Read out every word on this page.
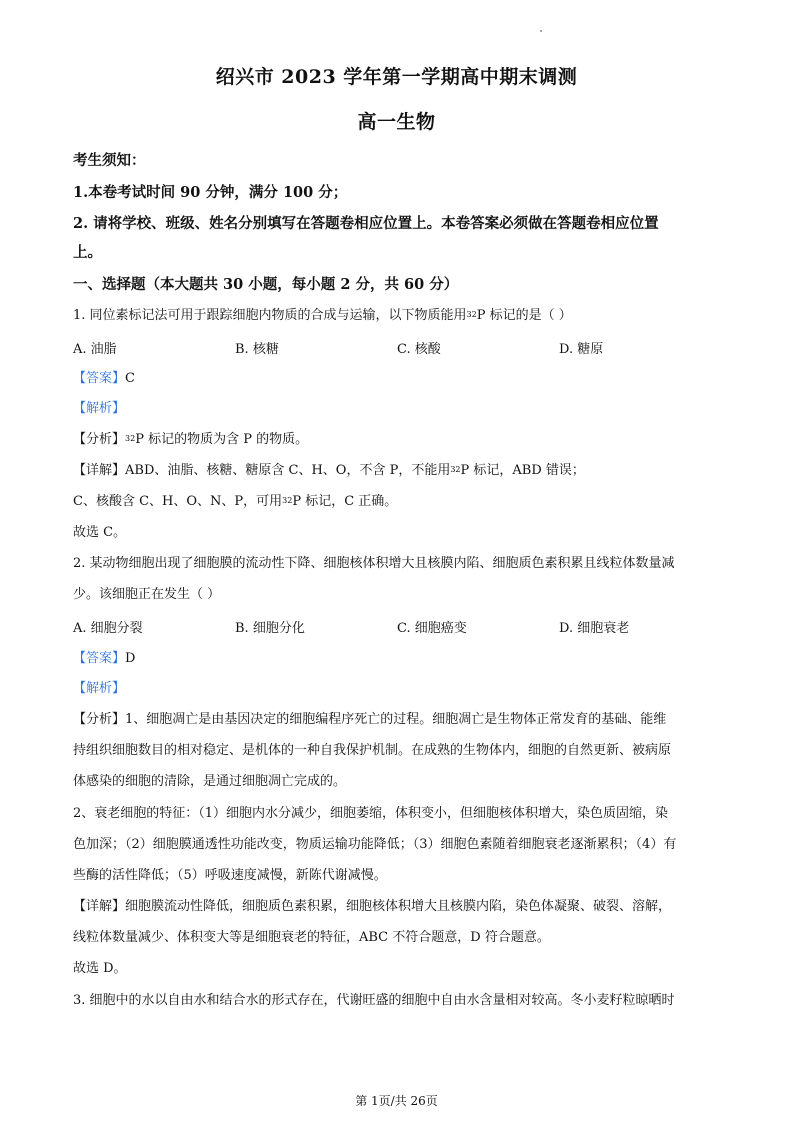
绍兴市 2023 学年第一学期高中期末调测
高一生物
考生须知：
1.本卷考试时间 90 分钟，满分 100 分；
2. 请将学校、班级、姓名分别填写在答题卷相应位置上。本卷答案必须做在答题卷相应位置
上。
一、选择题（本大题共 30 小题，每小题 2 分，共 60 分）
1. 同位素标记法可用于跟踪细胞内物质的合成与运输，以下物质能用$^{32}$P 标记的是（ ）
A. 油脂	B. 核糖	C. 核酸	D. 糖原
【答案】C
【解析】
【分析】$^{32}$P 标记的物质为含 P 的物质。
【详解】ABD、油脂、核糖、糖原含 C、H、O，不含 P，不能用$^{32}$P 标记，ABD 错误；
C、核酸含 C、H、O、N、P，可用$^{32}$P 标记，C 正确。
故选 C。
2. 某动物细胞出现了细胞膜的流动性下降、细胞核体积增大且核膜内陷、细胞质色素积累且线粒体数量减
少。该细胞正在发生（ ）
A. 细胞分裂	B. 细胞分化	C. 细胞癌变	D. 细胞衰老
【答案】D
【解析】
【分析】1、细胞凋亡是由基因决定的细胞编程序死亡的过程。细胞凋亡是生物体正常发育的基础、能维
持组织细胞数目的相对稳定、是机体的一种自我保护机制。在成熟的生物体内，细胞的自然更新、被病原
体感染的细胞的清除，是通过细胞凋亡完成的。
2、衰老细胞的特征：（1）细胞内水分减少，细胞萎缩，体积变小，但细胞核体积增大，染色质固缩，染
色加深；（2）细胞膜通透性功能改变，物质运输功能降低；（3）细胞色素随着细胞衰老逐渐累积；（4）有
些酶的活性降低；（5）呼吸速度减慢，新陈代谢减慢。
【详解】细胞膜流动性降低，细胞质色素积累，细胞核体积增大且核膜内陷，染色体凝聚、破裂、溶解，
线粒体数量减少、体积变大等是细胞衰老的特征，ABC 不符合题意，D 符合题意。
故选 D。
3. 细胞中的水以自由水和结合水的形式存在，代谢旺盛的细胞中自由水含量相对较高。冬小麦籽粒晾晒时
第 1页/共 26页
